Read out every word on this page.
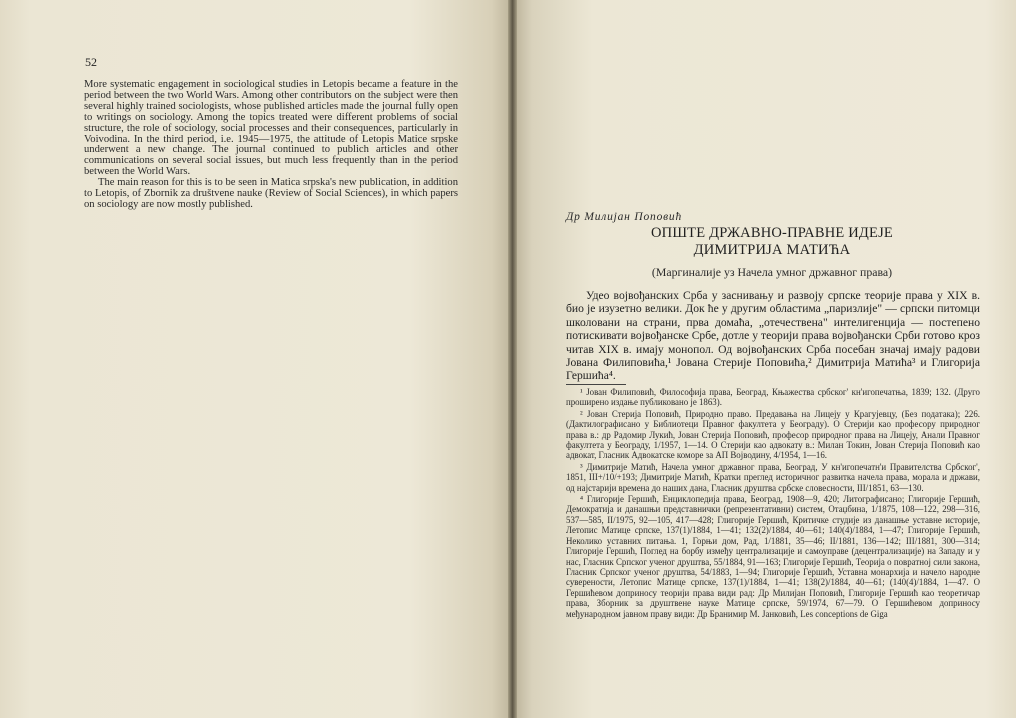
52

More systematic engagement in sociological studies in Letopis became a feature in the period between the two World Wars. Among other contributors on the subject were then several highly trained sociologists, whose published articles made the journal fully open to writings on sociology. Among the topics treated were different problems of social structure, the role of sociology, social processes and their consequences, particularly in Voivodina. In the third period, i.e. 1945—1975, the attitude of Letopis Matice srpske underwent a new change. The journal continued to publich articles and other communications on several social issues, but much less frequently than in the period between the World Wars.

The main reason for this is to be seen in Matica srpska's new publication, in addition to Letopis, of Zbornik za društvene nauke (Review of Social Sciences), in which papers on sociology are now mostly published.

Др Милијан Поповић
ОПШТЕ ДРЖАВНО-ПРАВНЕ ИДЕЈЕ
ДИМИТРИЈА МАТИЋА
(Маргиналије уз Начела умног државног права)

Удео војвођанских Срба у заснивању и развоју српске теорије права у XIX в. био је изузетно велики. Док ће у другим областима „паризлије" — српски питомци школовани на страни, прва домаћа, „отечествена" интелигенција — постепено потискивати војвођанске Србе, дотле у теорији права војвођански Срби готово кроз читав XIX в. имају монопол. Од војвођанских Срба посебан значај имају радови Јована Филиповића,¹ Јована Стерије Поповића,² Димитрија Матића³ и Глигорија Гершића⁴.

¹ Јован Филиповић, Философија права, Београд, Књажества србског' кн'игопечатња, 1839; 132. (Друго проширено издање публиковано је 1863).

² Јован Стерија Поповић, Природно право. Предавања на Лицеју у Крагујевцу, (Без података); 226. (Дактилографисано у Библиотеци Правног факултета у Београду). О Стерији као професору природног права в.: др Радомир Лукић, Јован Стерија Поповић, професор природног права на Лицеју, Анали Правног факултета у Београду, 1/1957, 1—14. О Стерији као адвокату в.: Милан Токин, Јован Стерија Поповић као адвокат, Гласник Адвокатске коморе за АП Војводину, 4/1954, 1—16.

³ Димитрије Матић, Начела умног државног права, Београд, У кн'игопечатн'и Правителства Србског', 1851, III+/10/+193; Димитрије Матић, Кратки преглед историчног развитка начела права, морала и држави, од најстарији времена до наших дана, Гласник друштва србске словесности, III/1851, 63—130.

⁴ Глигорије Гершић, Енциклопедија права, Београд, 1908—9, 420; Литографисано; Глигорије Гершић, Демократија и данашњи представнички (репрезентативни) систем, Отаџбина, 1/1875, 108—122, 298—316, 537—585, II/1975, 92—105, 417—428; Глигорије Гершић, Критичке студије из данашње уставне историје, Летопис Матице српске, 137(1)/1884, 1—41; 132(2)/1884, 40—61; 140(4)/1884, 1—47; Глигорије Гершић, Неколико уставних питања. 1, Горњи дом, Рад, 1/1881, 35—46; II/1881, 136—142; III/1881, 300—314; Глигорије Гершић, Поглед на борбу између централизације и самоуправе (децентрализације) на Западу и у нас, Гласник Српског ученог друштва, 55/1884, 91—163; Глигорије Гершић, Теорија о повратној сили закона, Гласник Српског ученог друштва, 54/1883, 1—94; Глигорије Гершић, Уставна монархија и начело народне суверености, Летопис Матице српске, 137(1)/1884, 1—41; 138(2)/1884, 40—61; (140(4)/1884, 1—47. О Гершићевом доприносу теорији права види рад: Др Милијан Поповић, Глигорије Гершић као теоретичар права, Зборник за друштвене науке Матице српске, 59/1974, 67—79. О Гершићевом доприносу међународном јавном праву види: Др Бранимир М. Јанковић, Les conceptions de Giga
